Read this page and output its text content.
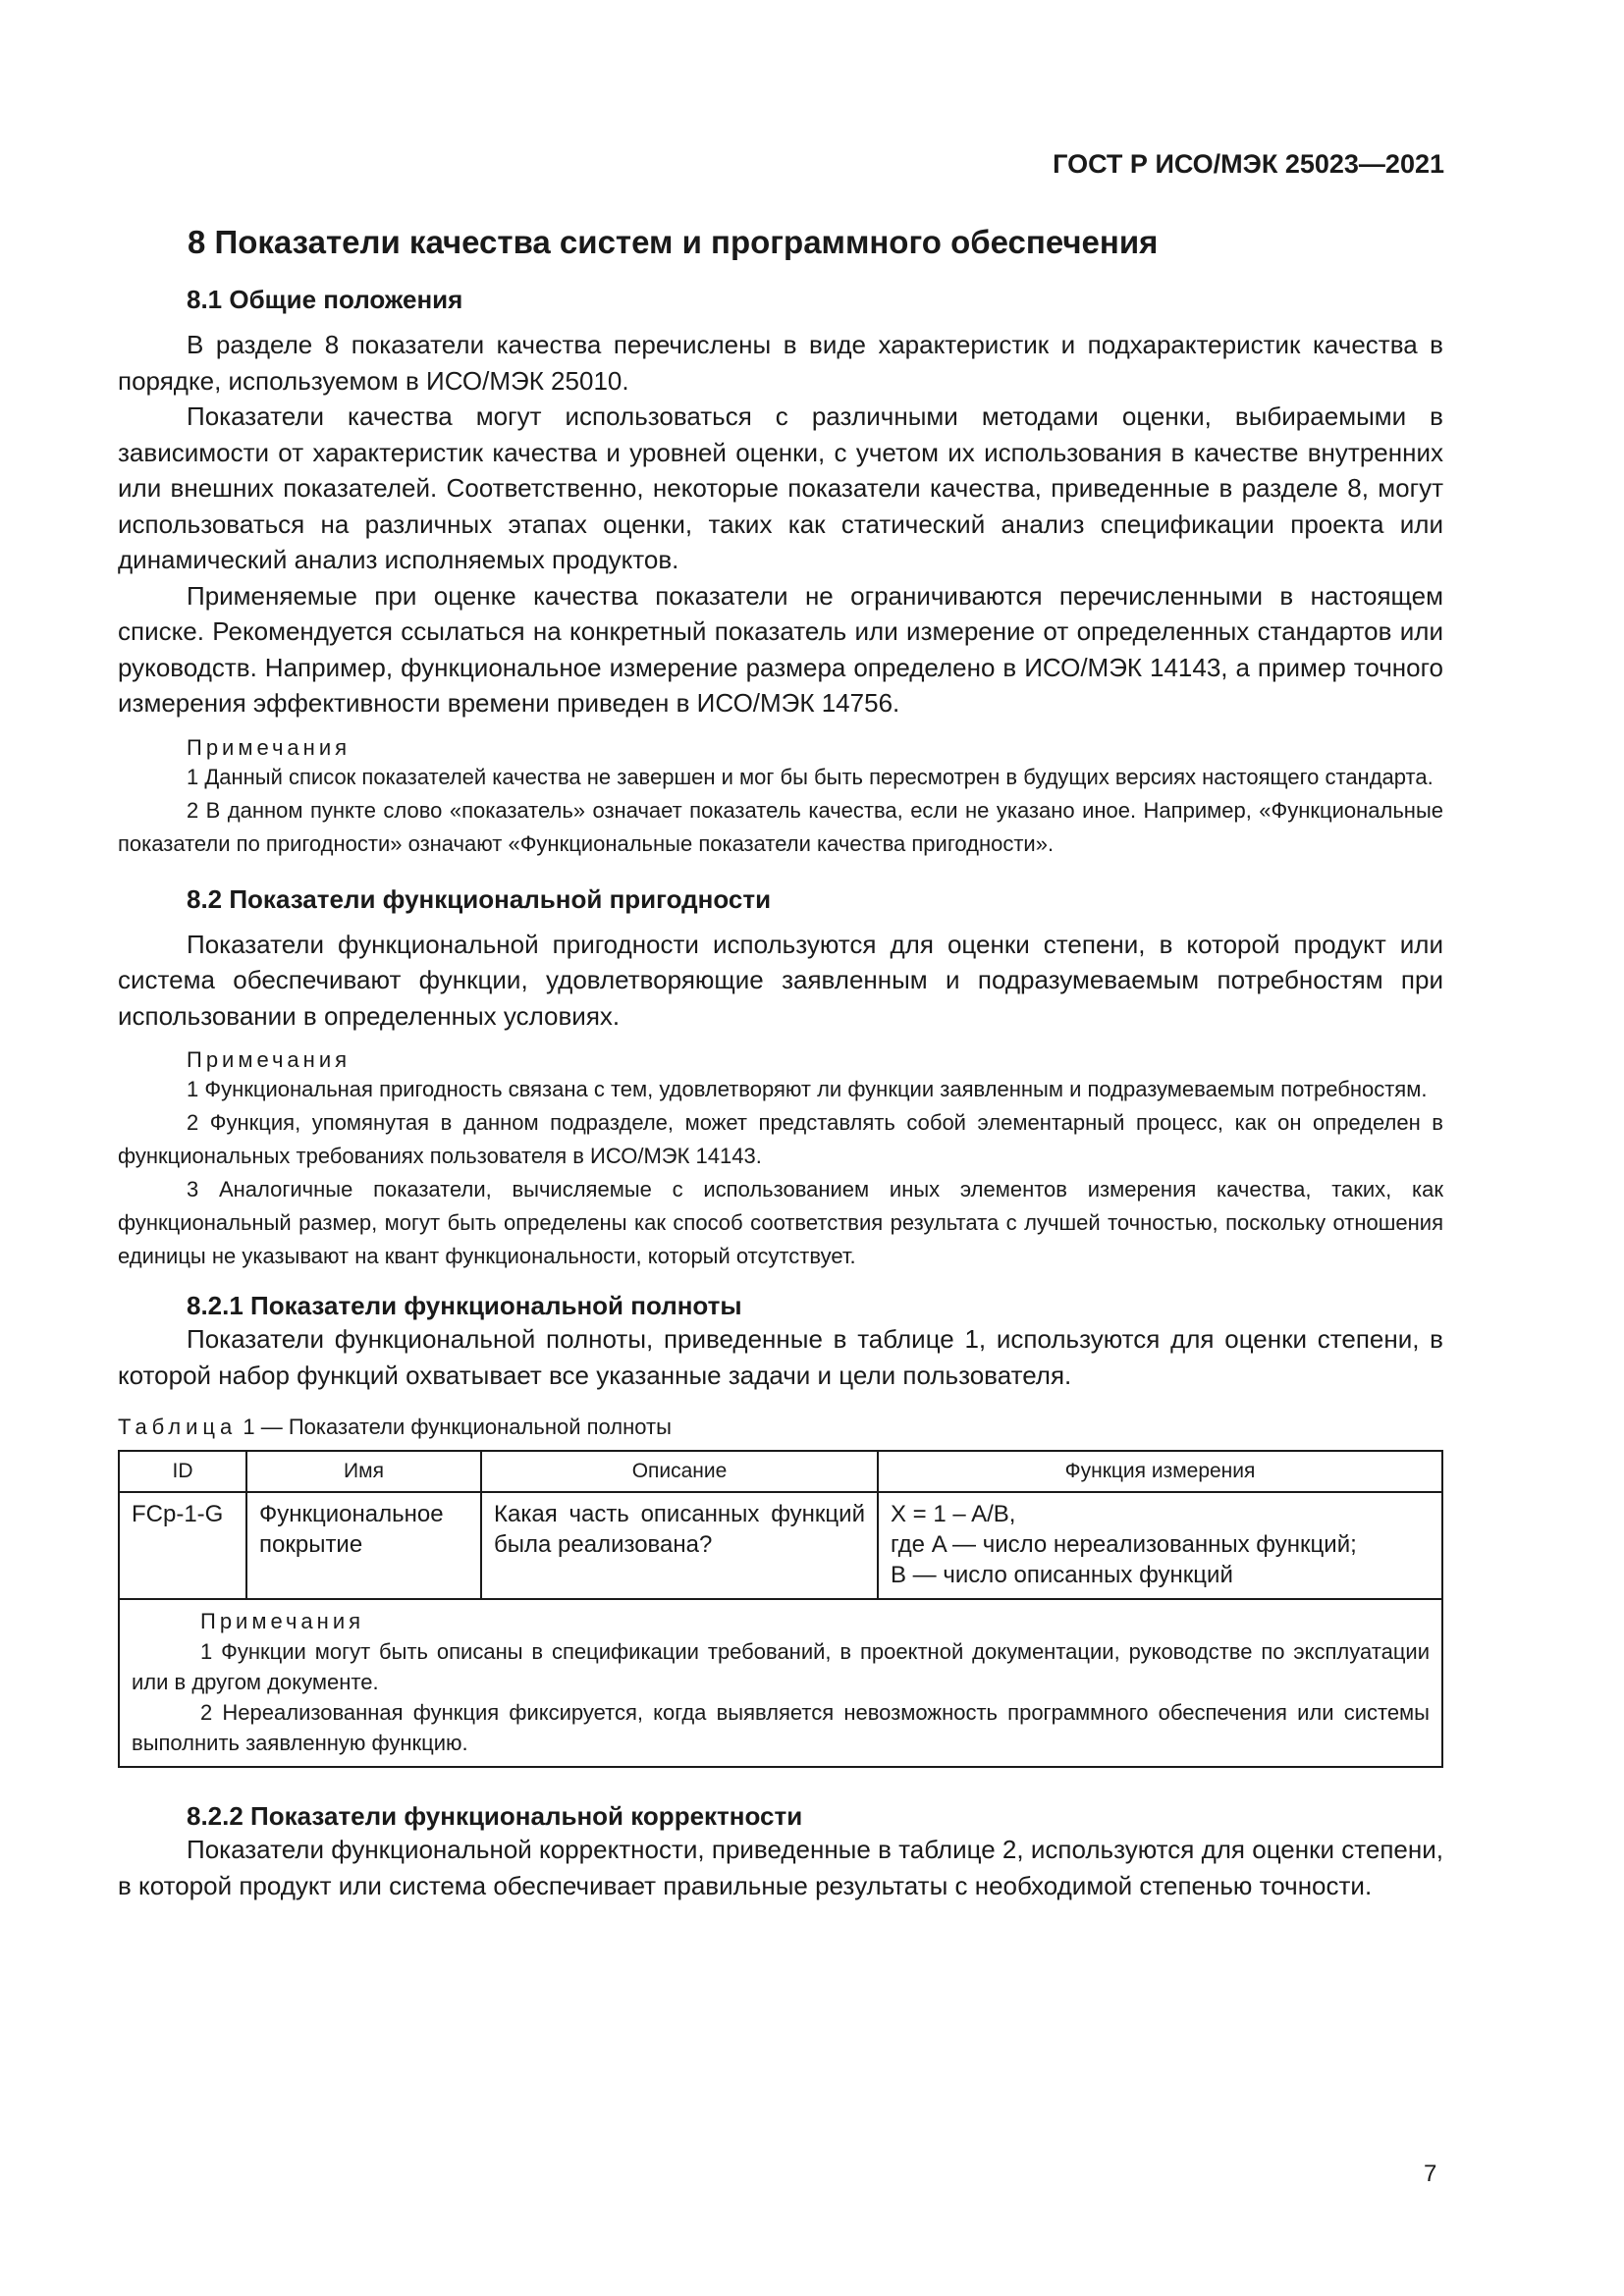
ГОСТ Р ИСО/МЭК 25023—2021
8 Показатели качества систем и программного обеспечения
8.1 Общие положения

В разделе 8 показатели качества перечислены в виде характеристик и подхарактеристик качества в порядке, используемом в ИСО/МЭК 25010.

Показатели качества могут использоваться с различными методами оценки, выбираемыми в зависимости от характеристик качества и уровней оценки, с учетом их использования в качестве внутренних или внешних показателей. Соответственно, некоторые показатели качества, приведенные в разделе 8, могут использоваться на различных этапах оценки, таких как статический анализ спецификации проекта или динамический анализ исполняемых продуктов.

Применяемые при оценке качества показатели не ограничиваются перечисленными в настоящем списке. Рекомендуется ссылаться на конкретный показатель или измерение от определенных стандартов или руководств. Например, функциональное измерение размера определено в ИСО/МЭК 14143, а пример точного измерения эффективности времени приведен в ИСО/МЭК 14756.

Примечания

1 Данный список показателей качества не завершен и мог бы быть пересмотрен в будущих версиях настоящего стандарта.

2 В данном пункте слово «показатель» означает показатель качества, если не указано иное. Например, «Функциональные показатели по пригодности» означают «Функциональные показатели качества пригодности».

8.2 Показатели функциональной пригодности

Показатели функциональной пригодности используются для оценки степени, в которой продукт или система обеспечивают функции, удовлетворяющие заявленным и подразумеваемым потребностям при использовании в определенных условиях.

Примечания

1 Функциональная пригодность связана с тем, удовлетворяют ли функции заявленным и подразумеваемым потребностям.

2 Функция, упомянутая в данном подразделе, может представлять собой элементарный процесс, как он определен в функциональных требованиях пользователя в ИСО/МЭК 14143.

3 Аналогичные показатели, вычисляемые с использованием иных элементов измерения качества, таких, как функциональный размер, могут быть определены как способ соответствия результата с лучшей точностью, поскольку отношения единицы не указывают на квант функциональности, который отсутствует.

8.2.1 Показатели функциональной полноты

Показатели функциональной полноты, приведенные в таблице 1, используются для оценки степени, в которой набор функций охватывает все указанные задачи и цели пользователя.

Таблица 1 — Показатели функциональной полноты
ID	Имя	Описание	Функция измерения
FCp-1-G	Функциональное покрытие	Какая часть описанных функций была реализована?	X = 1 – A/B,
где A — число нереализованных функций;
B — число описанных функций

Примечания

1 Функции могут быть описаны в спецификации требований, в проектной документации, руководстве по эксплуатации или в другом документе.

2 Нереализованная функция фиксируется, когда выявляется невозможность программного обеспечения или системы выполнить заявленную функцию.			

8.2.2 Показатели функциональной корректности

Показатели функциональной корректности, приведенные в таблице 2, используются для оценки степени, в которой продукт или система обеспечивает правильные результаты с необходимой степенью точности.

7
